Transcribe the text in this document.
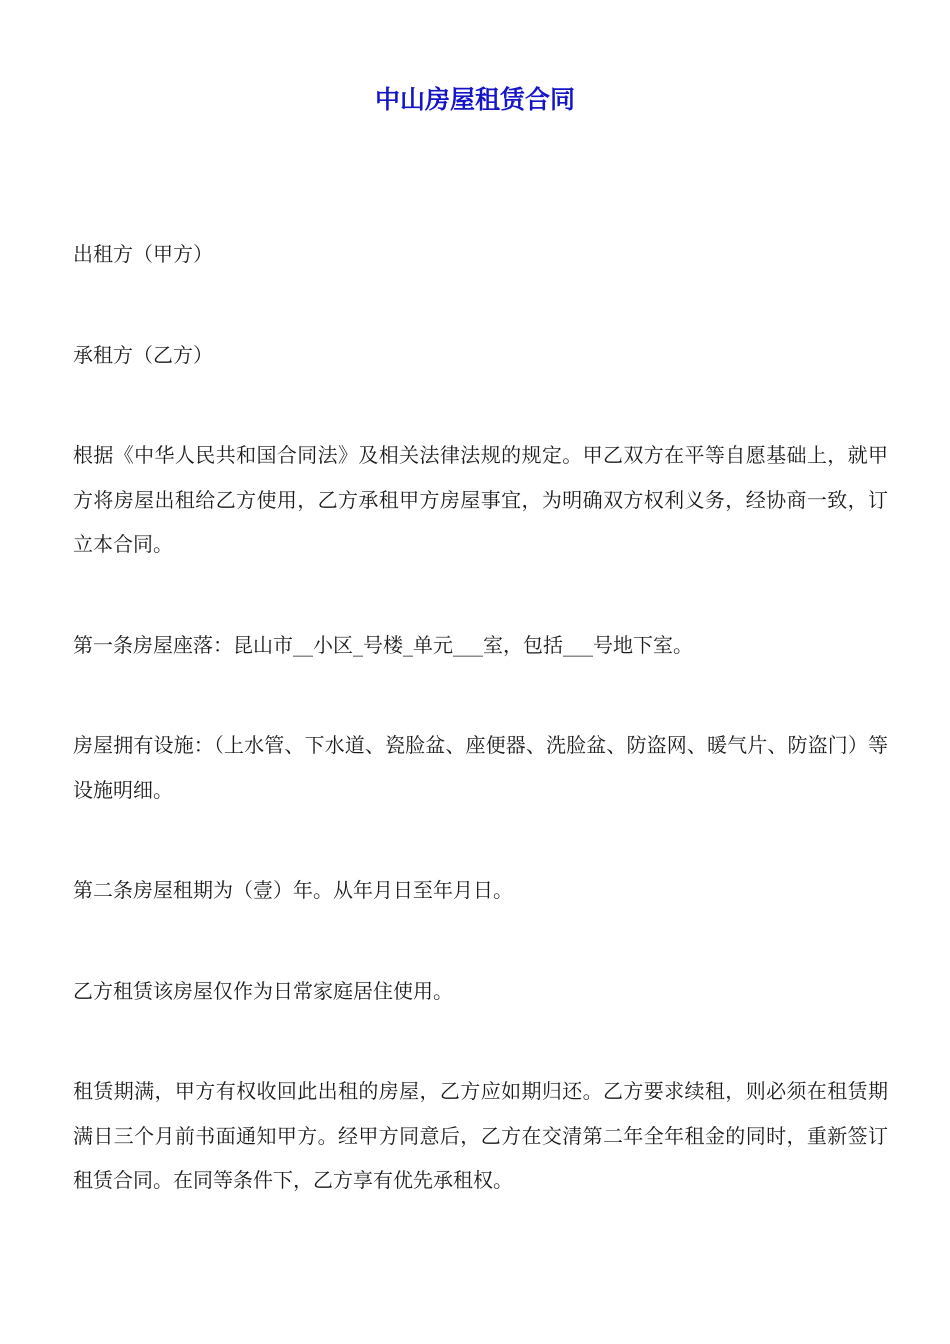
中山房屋租赁合同

出租方（甲方）

承租方（乙方）

根据《中华人民共和国合同法》及相关法律法规的规定。甲乙双方在平等自愿基础上，就甲方将房屋出租给乙方使用，乙方承租甲方房屋事宜，为明确双方权利义务，经协商一致，订立本合同。

第一条房屋座落：昆山市__小区_号楼_单元___室，包括___号地下室。

房屋拥有设施：（上水管、下水道、瓷脸盆、座便器、洗脸盆、防盗网、暖气片、防盗门）等设施明细。

第二条房屋租期为（壹）年。从年月日至年月日。

乙方租赁该房屋仅作为日常家庭居住使用。

租赁期满，甲方有权收回此出租的房屋，乙方应如期归还。乙方要求续租，则必须在租赁期满日三个月前书面通知甲方。经甲方同意后，乙方在交清第二年全年租金的同时，重新签订租赁合同。在同等条件下，乙方享有优先承租权。
